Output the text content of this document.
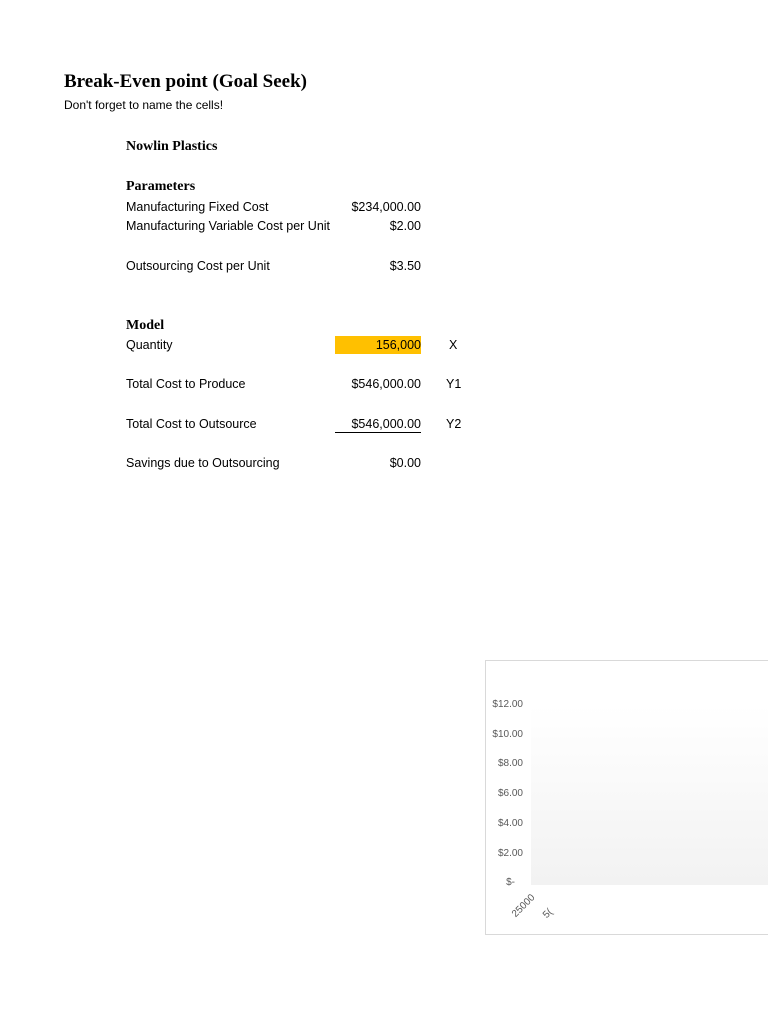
Break-Even point (Goal Seek)
Don't forget to name the cells!
Nowlin Plastics
Parameters
Manufacturing Fixed Cost	$234,000.00
Manufacturing Variable Cost per Unit	$2.00
Outsourcing Cost per Unit	$3.50
Model
Quantity	156,000 X
Total Cost to Produce	$546,000.00 Y1
Total Cost to Outsource	$546,000.00 Y2
Savings due to Outsourcing	$0.00
$12.00
$10.00
$8.00
$6.00
$4.00
$2.00
$-
25000 5(
